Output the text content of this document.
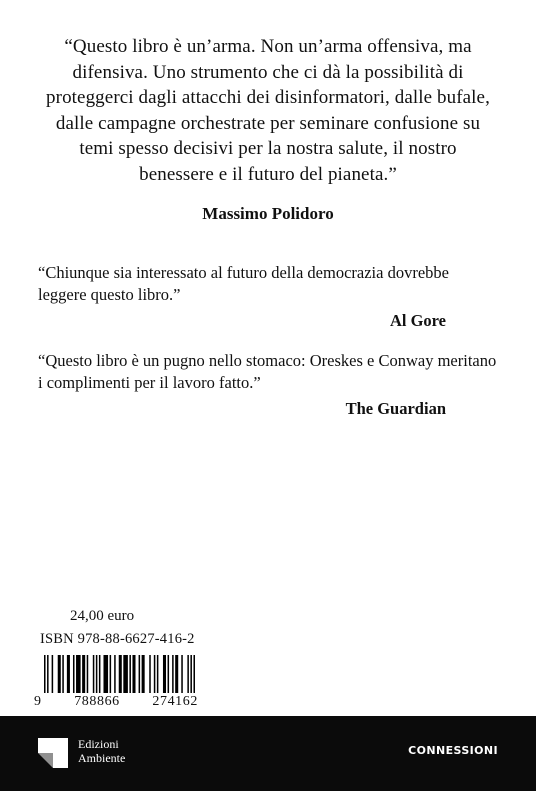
“Questo libro è un’arma. Non un’arma offensiva, ma difensiva. Uno strumento che ci dà la possibilità di proteggerci dagli attacchi dei disinformatori, dalle bufale, dalle campagne orchestrate per seminare confusione su temi spesso decisivi per la nostra salute, il nostro benessere e il futuro del pianeta.”

Massimo Polidoro

“Chiunque sia interessato al futuro della democrazia dovrebbe leggere questo libro.”

Al Gore

“Questo libro è un pugno nello stomaco: Oreskes e Conway meritano i complimenti per il lavoro fatto.”

The Guardian

24,00 euro

ISBN 978-88-6627-416-2

9 788866 274162
Edizioni
Ambiente
CONNESSIONI
